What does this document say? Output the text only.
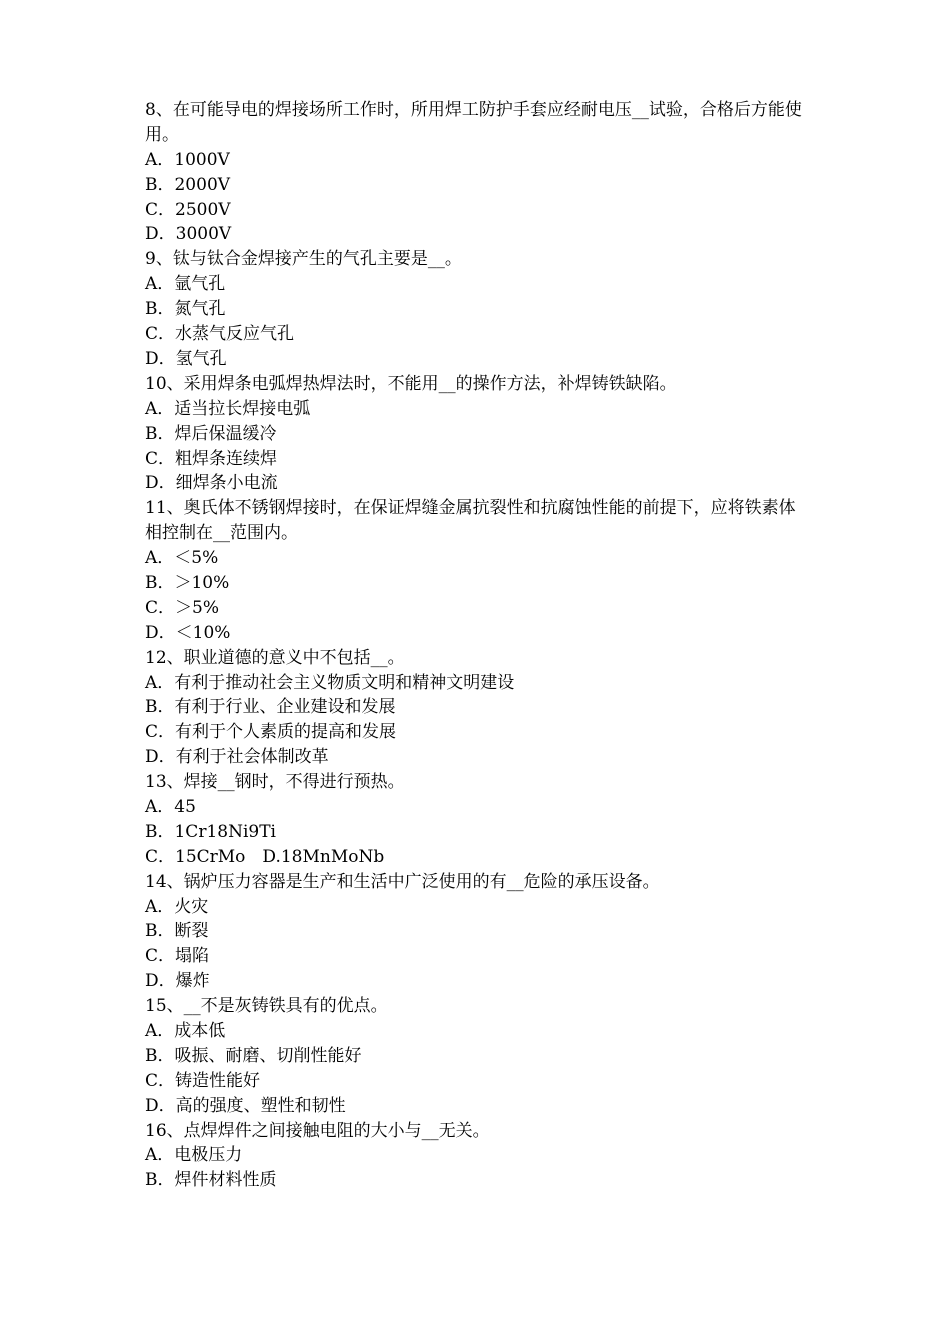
8、在可能导电的焊接场所工作时，所用焊工防护手套应经耐电压__试验，合格后方能使用。
A．1000V
B．2000V
C．2500V
D．3000V
9、钛与钛合金焊接产生的气孔主要是__。
A．氩气孔
B．氮气孔
C．水蒸气反应气孔
D．氢气孔
10、采用焊条电弧焊热焊法时，不能用__的操作方法，补焊铸铁缺陷。
A．适当拉长焊接电弧
B．焊后保温缓冷
C．粗焊条连续焊
D．细焊条小电流
11、奥氏体不锈钢焊接时，在保证焊缝金属抗裂性和抗腐蚀性能的前提下，应将铁素体相控制在__范围内。
A．＜5%
B．＞10%
C．＞5%
D．＜10%
12、职业道德的意义中不包括__。
A．有利于推动社会主义物质文明和精神文明建设
B．有利于行业、企业建设和发展
C．有利于个人素质的提高和发展
D．有利于社会体制改革
13、焊接__钢时，不得进行预热。
A．45
B．1Cr18Ni9Ti
C．15CrMo　D.18MnMoNb
14、锅炉压力容器是生产和生活中广泛使用的有__危险的承压设备。
A．火灾
B．断裂
C．塌陷
D．爆炸
15、__不是灰铸铁具有的优点。
A．成本低
B．吸振、耐磨、切削性能好
C．铸造性能好
D．高的强度、塑性和韧性
16、点焊焊件之间接触电阻的大小与__无关。
A．电极压力
B．焊件材料性质
